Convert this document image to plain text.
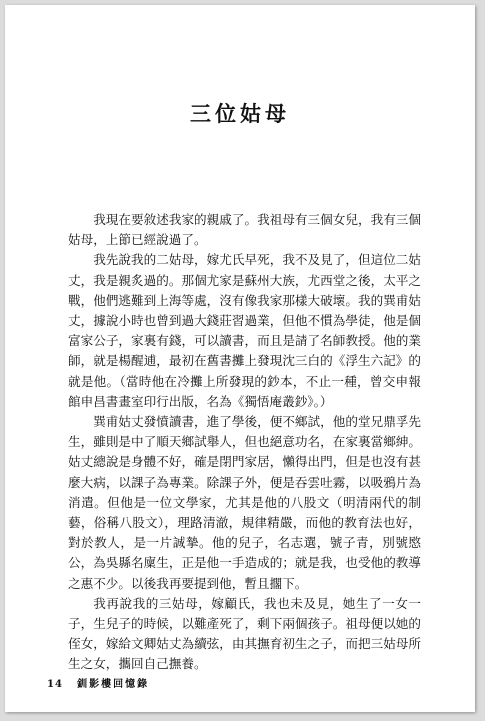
三位姑母

我現在要敘述我家的親戚了。我祖母有三個女兒，我有三個姑母，上節已經說過了。

我先說我的二姑母，嫁尤氏早死，我不及見了，但這位二姑丈，我是親炙過的。那個尤家是蘇州大族，尤西堂之後，太平之戰，他們逃難到上海等處，沒有像我家那樣大破壞。我的巽甫姑丈，據說小時也曾到過大錢莊習過業，但他不慣為學徒，他是個富家公子，家裏有錢，可以讀書，而且是請了名師教授。他的業師，就是楊醒逋，最初在舊書攤上發現沈三白的《浮生六記》的就是他。（當時他在冷攤上所發現的鈔本，不止一種，曾交申報館申昌書畫室印行出版，名為《獨悟庵叢鈔》。）

巽甫姑丈發憤讀書，進了學後，便不鄉試，他的堂兄鼎孚先生，雖則是中了順天鄉試舉人，但也絕意功名，在家裏當鄉紳。姑丈總說是身體不好，確是閉門家居，懶得出門，但是也沒有甚麼大病，以課子為專業。除課子外，便是吞雲吐霧，以吸鴉片為消遣。但他是一位文學家，尤其是他的八股文（明清兩代的制藝，俗稱八股文），理路清澈，規律精嚴，而他的教育法也好，對於教人，是一片誠摯。他的兒子，名志選，號子青，別號愍公，為吳縣名廩生，正是他一手造成的；就是我，也受他的教導之惠不少。以後我再要提到他，暫且擱下。

我再說我的三姑母，嫁顧氏，我也未及見，她生了一女一子，生兒子的時候，以難產死了，剩下兩個孩子。祖母便以她的侄女，嫁給文卿姑丈為續弦，由其撫育初生之子，而把三姑母所生之女，攜回自己撫養。

14 釧影樓回憶錄
